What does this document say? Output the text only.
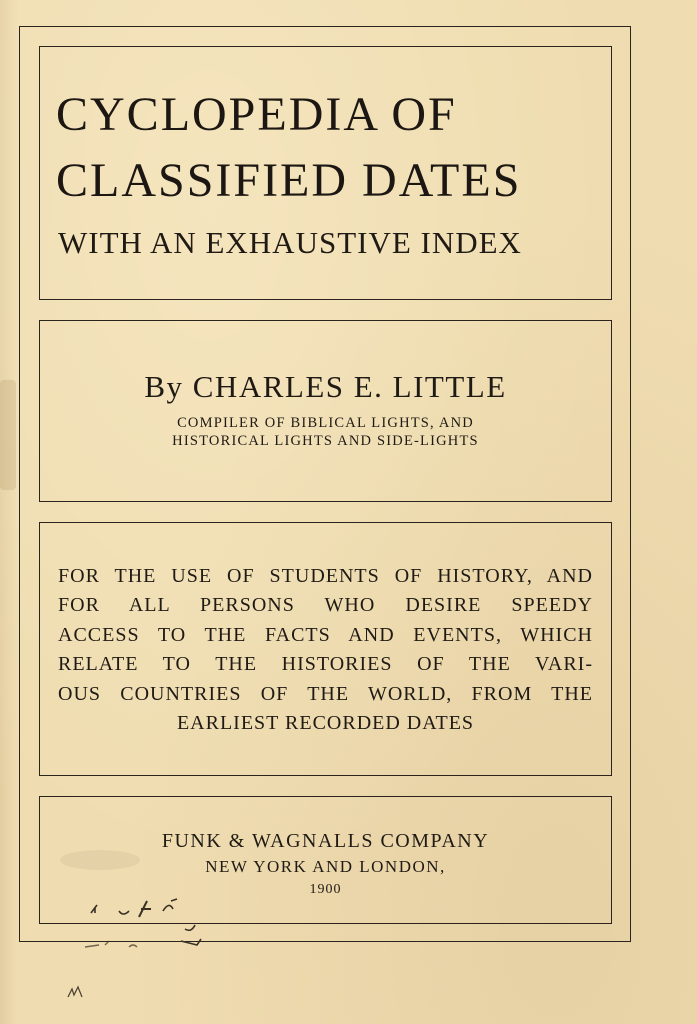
CYCLOPEDIA OF
CLASSIFIED DATES
WITH AN EXHAUSTIVE INDEX
By CHARLES E. LITTLE
COMPILER OF BIBLICAL LIGHTS, AND
HISTORICAL LIGHTS AND SIDE-LIGHTS
FOR THE USE OF STUDENTS OF HISTORY, AND
FOR ALL PERSONS WHO DESIRE SPEEDY
ACCESS TO THE FACTS AND EVENTS, WHICH
RELATE TO THE HISTORIES OF THE VARI-
OUS COUNTRIES OF THE WORLD, FROM THE
EARLIEST RECORDED DATES
FUNK & WAGNALLS COMPANY
NEW YORK AND LONDON,
1900
